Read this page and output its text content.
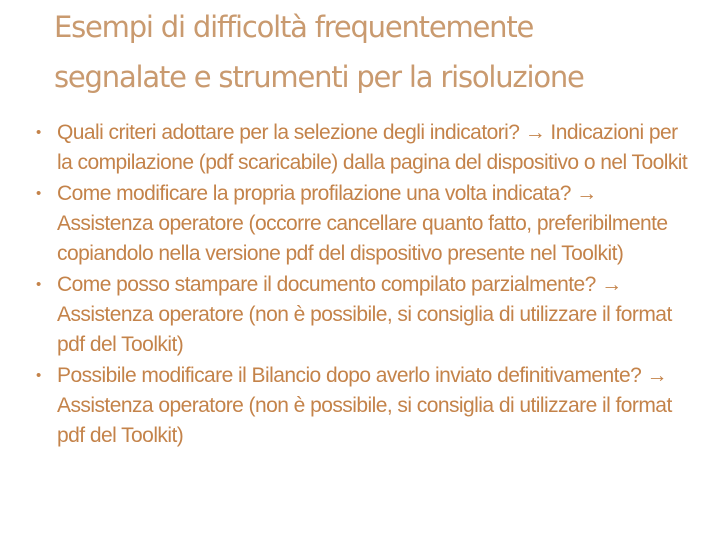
Esempi di difficoltà frequentemente
segnalate e strumenti per la risoluzione
• Quali criteri adottare per la selezione degli indicatori? → Indicazioni per
la compilazione (pdf scaricabile) dalla pagina del dispositivo o nel Toolkit
• Come modificare la propria profilazione una volta indicata? →
Assistenza operatore (occorre cancellare quanto fatto, preferibilmente
copiandolo nella versione pdf del dispositivo presente nel Toolkit)
• Come posso stampare il documento compilato parzialmente? →
Assistenza operatore (non è possibile, si consiglia di utilizzare il format
pdf del Toolkit)
• Possibile modificare il Bilancio dopo averlo inviato definitivamente? →
Assistenza operatore (non è possibile, si consiglia di utilizzare il format
pdf del Toolkit)
